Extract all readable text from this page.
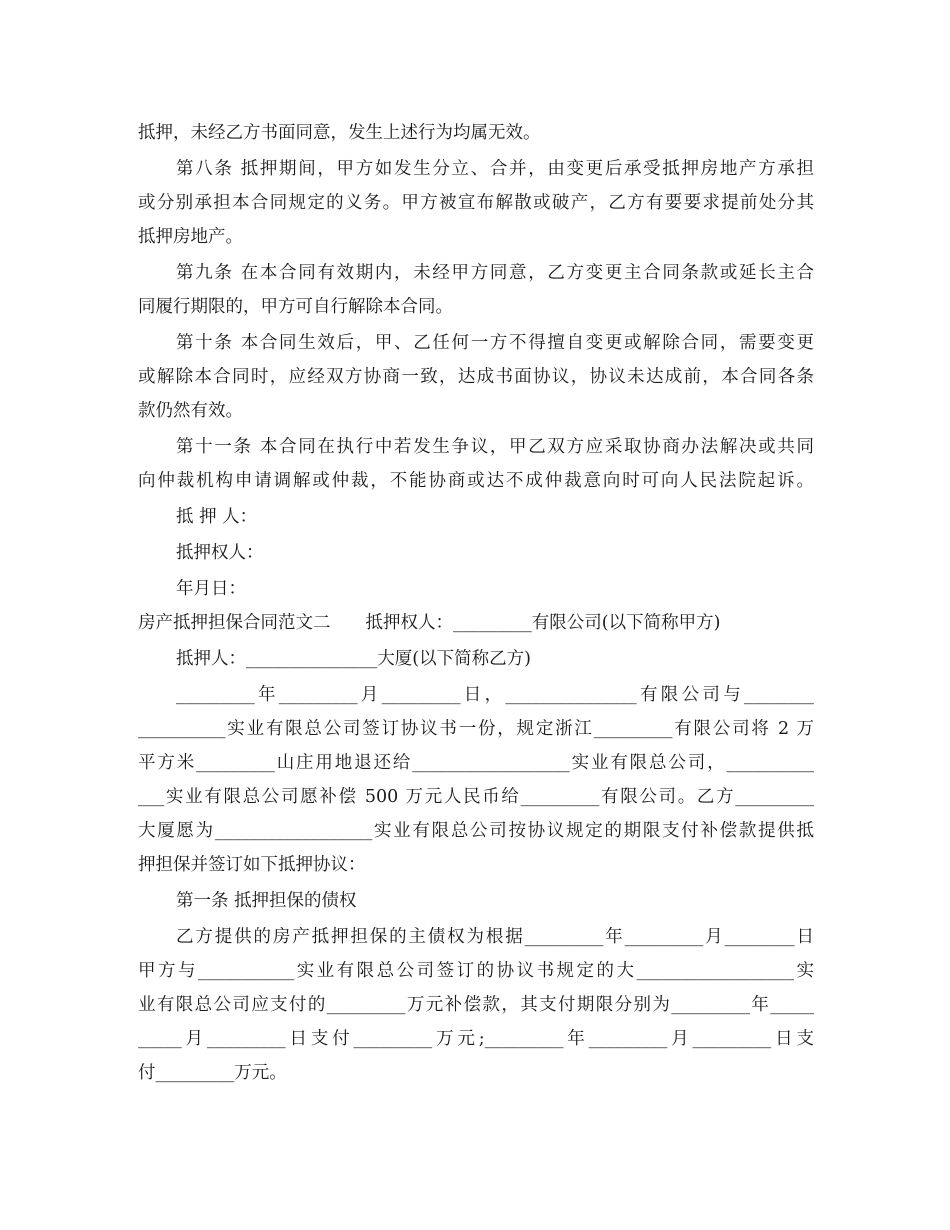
抵押，未经乙方书面同意，发生上述行为均属无效。
第八条 抵押期间，甲方如发生分立、合并，由变更后承受抵押房地产方承担
或分别承担本合同规定的义务。甲方被宣布解散或破产，乙方有要要求提前处分其
抵押房地产。
第九条 在本合同有效期内，未经甲方同意，乙方变更主合同条款或延长主合
同履行期限的，甲方可自行解除本合同。
第十条 本合同生效后，甲、乙任何一方不得擅自变更或解除合同，需要变更
或解除本合同时，应经双方协商一致，达成书面协议，协议未达成前，本合同各条
款仍然有效。
第十一条 本合同在执行中若发生争议，甲乙双方应采取协商办法解决或共同
向仲裁机构申请调解或仲裁，不能协商或达不成仲裁意向时可向人民法院起诉。
抵 押 人：
抵押权人：
年月日：
房产抵押担保合同范文二　　抵押权人：_________有限公司(以下简称甲方)
抵押人：_______________大厦(以下简称乙方)
_________年_________月_________日，_______________有限公司与________
__________实业有限总公司签订协议书一份，规定浙江_________有限公司将 2 万
平方米_________山庄用地退还给__________________实业有限总公司，__________
___实业有限总公司愿补偿 500 万元人民币给_________有限公司。乙方_________
大厦愿为__________________实业有限总公司按协议规定的期限支付补偿款提供抵
押担保并签订如下抵押协议：
第一条 抵押担保的债权
乙方提供的房产抵押担保的主债权为根据_________年_________月________日
甲方与___________实业有限总公司签订的协议书规定的大__________________实
业有限总公司应支付的_________万元补偿款，其支付期限分别为_________年_____
_____月_________日支付_________万元;_________年_________月_________日支
付_________万元。
